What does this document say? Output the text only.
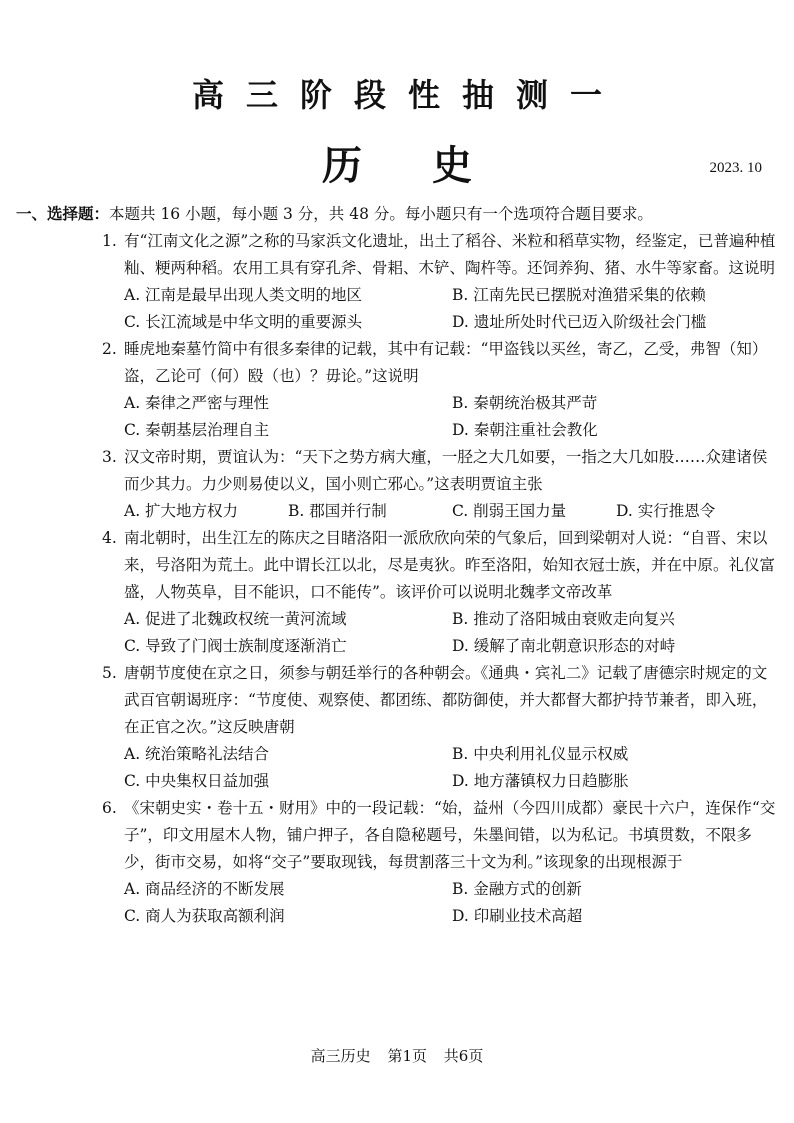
高三阶段性抽测一
历史	2023. 10
一、选择题：本题共 16 小题，每小题 3 分，共 48 分。每小题只有一个选项符合题目要求。
1. 有“江南文化之源”之称的马家浜文化遗址，出土了稻谷、米粒和稻草实物，经鉴定，已普遍种植籼、粳两种稻。农用工具有穿孔斧、骨耜、木铲、陶杵等。还饲养狗、猪、水牛等家畜。这说明
A. 江南是最早出现人类文明的地区	B. 江南先民已摆脱对渔猎采集的依赖
C. 长江流域是中华文明的重要源头	D. 遗址所处时代已迈入阶级社会门槛
2. 睡虎地秦墓竹简中有很多秦律的记载，其中有记载：“甲盗钱以买丝，寄乙，乙受，弗智（知）盗，乙论可（何）殹（也）？毋论。”这说明
A. 秦律之严密与理性	B. 秦朝统治极其严苛
C. 秦朝基层治理自主	D. 秦朝注重社会教化
3. 汉文帝时期，贾谊认为：“天下之势方病大瘇，一胫之大几如要，一指之大几如股……众建诸侯而少其力。力少则易使以义，国小则亡邪心。”这表明贾谊主张
A. 扩大地方权力	B. 郡国并行制	C. 削弱王国力量	D. 实行推恩令
4. 南北朝时，出生江左的陈庆之目睹洛阳一派欣欣向荣的气象后，回到梁朝对人说：“自晋、宋以来，号洛阳为荒土。此中谓长江以北，尽是夷狄。昨至洛阳，始知衣冠士族，并在中原。礼仪富盛，人物英阜，目不能识，口不能传”。该评价可以说明北魏孝文帝改革
A. 促进了北魏政权统一黄河流域	B. 推动了洛阳城由衰败走向复兴
C. 导致了门阀士族制度逐渐消亡	D. 缓解了南北朝意识形态的对峙
5. 唐朝节度使在京之日，须参与朝廷举行的各种朝会。《通典・宾礼二》记载了唐德宗时规定的文武百官朝谒班序：“节度使、观察使、都团练、都防御使，并大都督大都护持节兼者，即入班，在正官之次。”这反映唐朝
A. 统治策略礼法结合	B. 中央利用礼仪显示权威
C. 中央集权日益加强	D. 地方藩镇权力日趋膨胀
6. 《宋朝史实・卷十五・财用》中的一段记载：“始，益州（今四川成都）豪民十六户，连保作“交子”，印文用屋木人物，铺户押子，各自隐秘题号，朱墨间错，以为私记。书填贯数，不限多少，街市交易，如将“交子”要取现钱，每贯割落三十文为利。”该现象的出现根源于
A. 商品经济的不断发展	B. 金融方式的创新
C. 商人为获取高额利润	D. 印刷业技术高超
高三历史 第1页 共6页
